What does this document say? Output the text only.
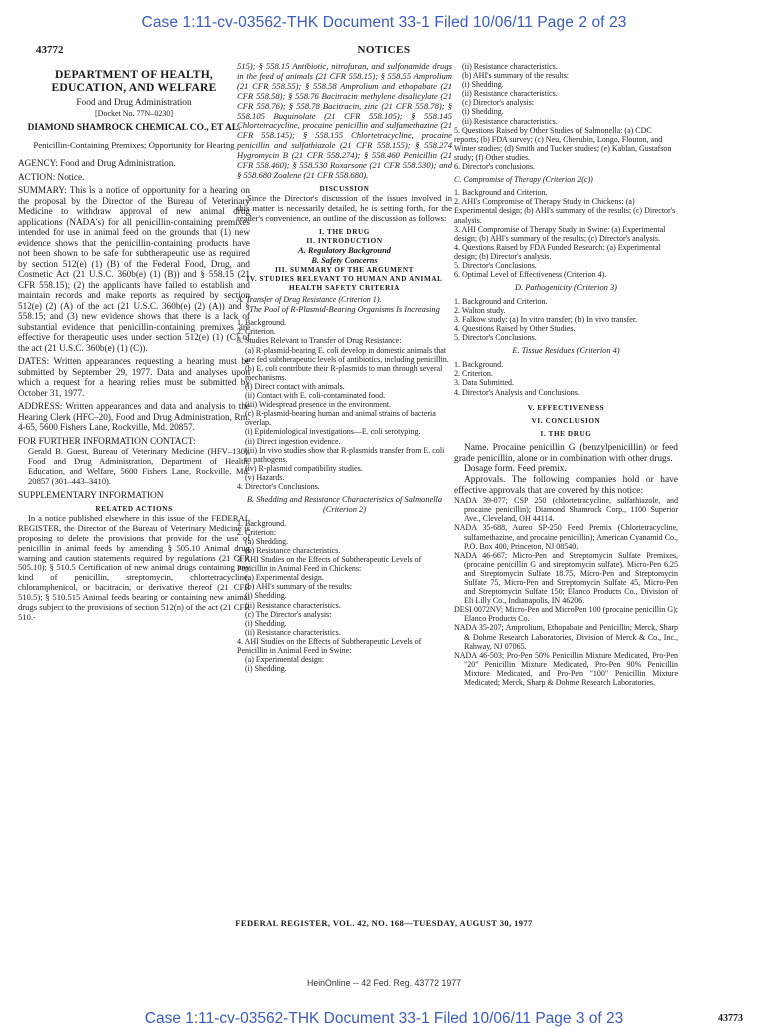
Case 1:11-cv-03562-THK Document 33-1 Filed 10/06/11 Page 2 of 23
43772	NOTICES

DEPARTMENT OF HEALTH, EDUCATION, AND WELFARE

Food and Drug Administration

[Docket No. 77N–0230]

DIAMOND SHAMROCK CHEMICAL CO., ET AL.

Penicillin-Containing Premixes; Opportunity for Hearing

AGENCY: Food and Drug Administration.

ACTION: Notice.

SUMMARY: This is a notice of opportunity for a hearing on the proposal by the Director of the Bureau of Veterinary Medicine to withdraw approval of new animal drug applications (NADA's) for all penicillin-containing premixes intended for use in animal feed on the grounds that (1) new evidence shows that the penicillin-containing products have not been shown to be safe for subtherapeutic use as required by section 512(e) (1) (B) of the Federal Food, Drug, and Cosmetic Act (21 U.S.C. 360b(e) (1) (B)) and § 558.15 (21 CFR 558.15); (2) the applicants have failed to establish and maintain records and make reports as required by section 512(e) (2) (A) of the act (21 U.S.C. 360b(e) (2) (A)) and § 558.15; and (3) new evidence shows that there is a lack of substantial evidence that penicillin-containing premixes are effective for therapeutic uses under section 512(e) (1) (C) of the act (21 U.S.C. 360b(e) (1) (C)).

DATES: Written appearances requesting a hearing must be submitted by September 29, 1977. Data and analyses upon which a request for a hearing relies must be submitted by October 31, 1977.

ADDRESS: Written appearances and data and analysis to the Hearing Clerk (HFC–20), Food and Drug Administration, Rm. 4-65, 5600 Fishers Lane, Rockville, Md. 20857.

FOR FURTHER INFORMATION CONTACT:

Gerald B. Guest, Bureau of Veterinary Medicine (HFV–130), Food and Drug Administration, Department of Health, Education, and Welfare, 5600 Fishers Lane, Rockville, Md. 20857 (301–443–3410).

SUPPLEMENTARY INFORMATION

RELATED ACTIONS

In a notice published elsewhere in this issue of the FEDERAL REGISTER, the Director of the Bureau of Veterinary Medicine is proposing to delete the provisions that provide for the use of penicillin in animal feeds by amending § 505.10 Animal drug warning and caution statements required by regulations (21 CFR 505.10); § 510.5 Certification of new animal drugs containing any kind of penicillin, streptomycin, chlortetracycline, chloramphenicol, or bacitracin, or derivative thereof (21 CFR 510.5); § 510.515 Animal feeds bearing or containing new animal drugs subject to the provisions of section 512(n) of the act (21 CFR 510.-

515); § 558.15 Antibiotic, nitrofuran, and sulfonamide drugs in the feed of animals (21 CFR 558.15); § 558.55 Amprolium (21 CFR 558.55); § 558.58 Amprolium and ethopabate (21 CFR 558.58); § 558.76 Bacitracin methylene disalicylate (21 CFR 558.76); § 558.78 Bacitracin, zinc (21 CFR 558.78); § 558.105 Buquinolate (21 CFR 558.105); § 558.145 Chlortetracycline, procaine penicillin and sulfamethazine (21 CFR 558.145); § 558.155 Chlortetracycline, procaine penicillin and sulfathiazole (21 CFR 558.155); § 558.274 Hygromycin B (21 CFR 558.274); § 558.460 Penicillin (21 CFR 558.460); § 558.530 Roxarsone (21 CFR 558.530); and § 558.680 Zoalene (21 CFR 558.680).

DISCUSSION

Since the Director's discussion of the issues involved in this matter is necessarily detailed, he is setting forth, for the reader's convenience, an outline of the discussion as follows:

I. THE DRUG

II. INTRODUCTION

A. Regulatory Background

B. Safety Concerns

III. SUMMARY OF THE ARGUMENT

IV. STUDIES RELEVANT TO HUMAN AND ANIMAL HEALTH SAFETY CRITERIA

A. Transfer of Drug Resistance (Criterion 1).

The Pool of R-Plasmid-Bearing Organisms Is Increasing

1. Background.

2. Criterion.

3. Studies Relevant to Transfer of Drug Resistance:

(a) R-plasmid-bearing E. coli develop in domestic animals that are fed subtherapeutic levels of antibiotics, including penicillin.

(b) E. coli contribute their R-plasmids to man through several mechanisms.

(i) Direct contact with animals.

(ii) Contact with E. coli-contaminated food.

(iii) Widespread presence in the environment.

(c) R-plasmid-bearing human and animal strains of bacteria overlap.

(i) Epidemiological investigations—E. coli serotyping.

(ii) Direct ingestion evidence.

(iii) In vivo studies show that R-plasmids transfer from E. coli to pathogens.

(iv) R-plasmid compatibility studies.

(v) Hazards.

4. Director's Conclusions.

B. Shedding and Resistance Characteristics of Salmonella (Criterion 2)

1. Background.

2. Criterion:

(a) Shedding.

(b) Resistance characteristics.

3. AHI Studies on the Effects of Subtherapeutic Levels of Penicillin in Animal Feed in Chickens:

(a) Experimental design.

(b) AHI's summary of the results:

(i) Shedding.

(ii) Resistance characteristics.

(c) The Director's analysis:

(i) Shedding.

(ii) Resistance characteristics.

4. AHI Studies on the Effects of Subtherapeutic Levels of Penicillin in Animal Feed in Swine:

(a) Experimental design:

(i) Shedding.

(ii) Resistance characteristics.

(b) AHI's summary of the results:

(i) Shedding.

(ii) Resistance characteristics.

(c) Director's analysis:

(i) Shedding.

(ii) Resistance characteristics.

5. Questions Raised by Other Studies of Salmonella: (a) CDC reports; (b) FDA survey; (c) Neu, Cherubin, Longo, Flouton, and Winter studies; (d) Smith and Tucker studies; (e) Kablan, Gustafson study; (f) Other studies.

6. Director's conclusions.

C. Compromise of Therapy (Criterion 2(c))

1. Background and Criterion.

2. AHI's Compromise of Therapy Study in Chickens: (a) Experimental design; (b) AHI's summary of the results; (c) Director's analysis.

3. AHI Compromise of Therapy Study in Swine: (a) Experimental design; (b) AHI's summary of the results; (c) Director's analysis.

4. Questions Raised by FDA Funded Research: (a) Experimental design; (b) Director's analysis.

5. Director's Conclusions.

6. Optimal Level of Effectiveness (Criterion 4).

D. Pathogenicity (Criterion 3)

1. Background and Criterion.

2. Walton study.

3. Falkow study: (a) In vitro transfer; (b) In vivo transfer.

4. Questions Raised by Other Studies.

5. Director's Conclusions.

E. Tissue Residues (Criterion 4)

1. Background.

2. Criterion.

3. Data Submitted.

4. Director's Analysis and Conclusions.

V. EFFECTIVENESS

VI. CONCLUSION

I. THE DRUG

Name. Procaine penicillin G (benzylpenicillin) or feed grade penicillin, alone or in combination with other drugs.

Dosage form. Feed premix.

Approvals. The following companies hold or have effective approvals that are covered by this notice:

NADA 39-077; CSP 250 (chlortetracycline, sulfathiazole, and procaine penicillin); Diamond Shamrock Corp., 1100 Superior Ave., Cleveland, OH 44114.

NADA 35-688, Aureo SP-250 Feed Premix (Chlortetracycline, sulfamethazine, and procaine penicillin); American Cyanamid Co., P.O. Box 400, Princeton, NJ 08540.

NADA 46-667; Micro-Pen and Streptomycin Sulfate Premixes, (procaine penicillin G and streptomycin sulfate). Micro-Pen 6.25 and Streptomycin Sulfate 18.75, Micro-Pen and Streptomycin Sulfate 75, Micro-Pen and Streptomycin Sulfate 45, Micro-Pen and Streptomycin Sulfate 150; Elanco Products Co., Division of Eli Lilly Co., Indianapolis, IN 46206.

DESI 0072NV; Micro-Pen and MicroPen 100 (procaine penicillin G); Elanco Products Co.

NADA 35-207; Amprolium, Ethopabate and Penicillin; Merck, Sharp & Dohme Research Laboratories, Division of Merck & Co., Inc., Rahway, NJ 07065.

NADA 46-503; Pro-Pen 50% Penicillin Mixture Medicated, Pro-Pen "20" Penicillin Mixture Medicated, Pro-Pen 90% Penicillin Mixture Medicated, and Pro-Pen "100" Penicillin Mixture Medicated; Merck, Sharp & Dohme Research Laboratories.

FEDERAL REGISTER, VOL. 42, NO. 168—TUESDAY, AUGUST 30, 1977
HeinOnline -- 42 Fed. Reg. 43772 1977
Case 1:11-cv-03562-THK Document 33-1 Filed 10/06/11 Page 3 of 23	43773
